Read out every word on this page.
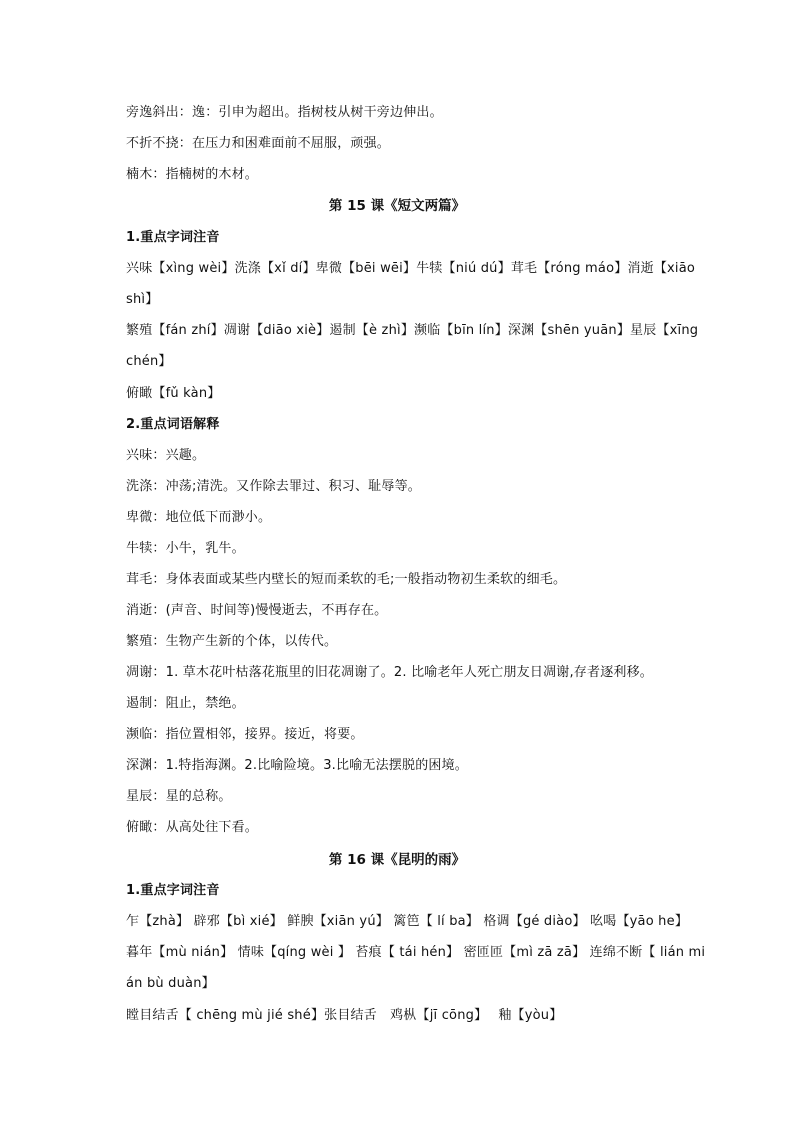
旁逸斜出：逸：引申为超出。指树枝从树干旁边伸出。
不折不挠：在压力和困难面前不屈服，顽强。
楠木：指楠树的木材。
第 15 课《短文两篇》
1.重点字词注音
兴味【xìng wèi】洗涤【xǐ dí】卑微【bēi wēi】牛犊【niú dú】茸毛【róng máo】消逝【xiāo shì】
繁殖【fán zhí】凋谢【diāo xiè】遏制【è zhì】濒临【bīn lín】深渊【shēn yuān】星辰【xīng chén】
俯瞰【fǔ kàn】
2.重点词语解释
兴味：兴趣。
洗涤：冲荡;清洗。又作除去罪过、积习、耻辱等。
卑微：地位低下而渺小。
牛犊：小牛，乳牛。
茸毛：身体表面或某些内壁长的短而柔软的毛;一般指动物初生柔软的细毛。
消逝：(声音、时间等)慢慢逝去，不再存在。
繁殖：生物产生新的个体，以传代。
凋谢：1. 草木花叶枯落花瓶里的旧花凋谢了。2. 比喻老年人死亡朋友日凋谢,存者逐利移。
遏制：阻止，禁绝。
濒临：指位置相邻，接界。接近，将要。
深渊：1.特指海渊。2.比喻险境。3.比喻无法摆脱的困境。
星辰：星的总称。
俯瞰：从高处往下看。
第 16 课《昆明的雨》
1.重点字词注音
乍【zhà】 辟邪【bì xié】 鲜腴【xiān yú】 篱笆【 lí ba】 格调【gé diào】 吆喝【yāo he】
暮年【mù nián】 情味【qíng wèi 】 苔痕【 tái hén】 密匝匝【mì zā zā】 连绵不断【 lián mián bù duàn】
瞠目结舌【 chēng mù jié shé】张目结舌　鸡枞【jī cōng】　 釉【yòu】
